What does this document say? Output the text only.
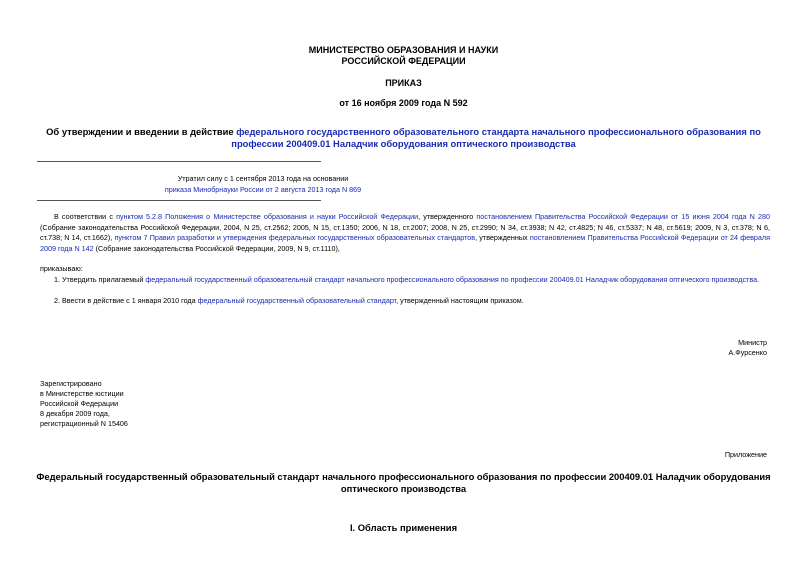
МИНИСТЕРСТВО ОБРАЗОВАНИЯ И НАУКИ
РОССИЙСКОЙ ФЕДЕРАЦИИ
ПРИКАЗ
от 16 ноября 2009 года N 592
Об утверждении и введении в действие федерального государственного образовательного стандарта начального профессионального образования по
профессии 200409.01 Наладчик оборудования оптического производства
Утратил силу с 1 сентября 2013 года на основании
приказа Минобрнауки России от 2 августа 2013 года N 869
В соответствии с пунктом 5.2.8 Положения о Министерстве образования и науки Российской Федерации, утвержденного постановлением Правительства Российской Федерации от 15 июня 2004 года N 280 (Собрание законодательства Российской Федерации, 2004, N 25, ст.2562; 2005, N 15, ст.1350; 2006, N 18, ст.2007; 2008, N 25, ст.2990; N 34, ст.3938; N 42, ст.4825; N 46, ст.5337; N 48, ст.5619; 2009, N 3, ст.378; N 6, ст.738; N 14, ст.1662), пунктом 7 Правил разработки и утверждения федеральных государственных образовательных стандартов, утвержденных постановлением Правительства Российской Федерации от 24 февраля 2009 года N 142 (Собрание законодательства Российской Федерации, 2009, N 9, ст.1110),
приказываю:
1. Утвердить прилагаемый федеральный государственный образовательный стандарт начального профессионального образования по профессии 200409.01 Наладчик оборудования оптического производства.
2. Ввести в действие с 1 января 2010 года федеральный государственный образовательный стандарт, утвержденный настоящим приказом.
Министр
А.Фурсенко
Зарегистрировано
в Министерстве юстиции
Российской Федерации
8 декабря 2009 года,
регистрационный N 15406
Приложение
Федеральный государственный образовательный стандарт начального профессионального образования по профессии 200409.01 Наладчик оборудования
оптического производства
I. Область применения
